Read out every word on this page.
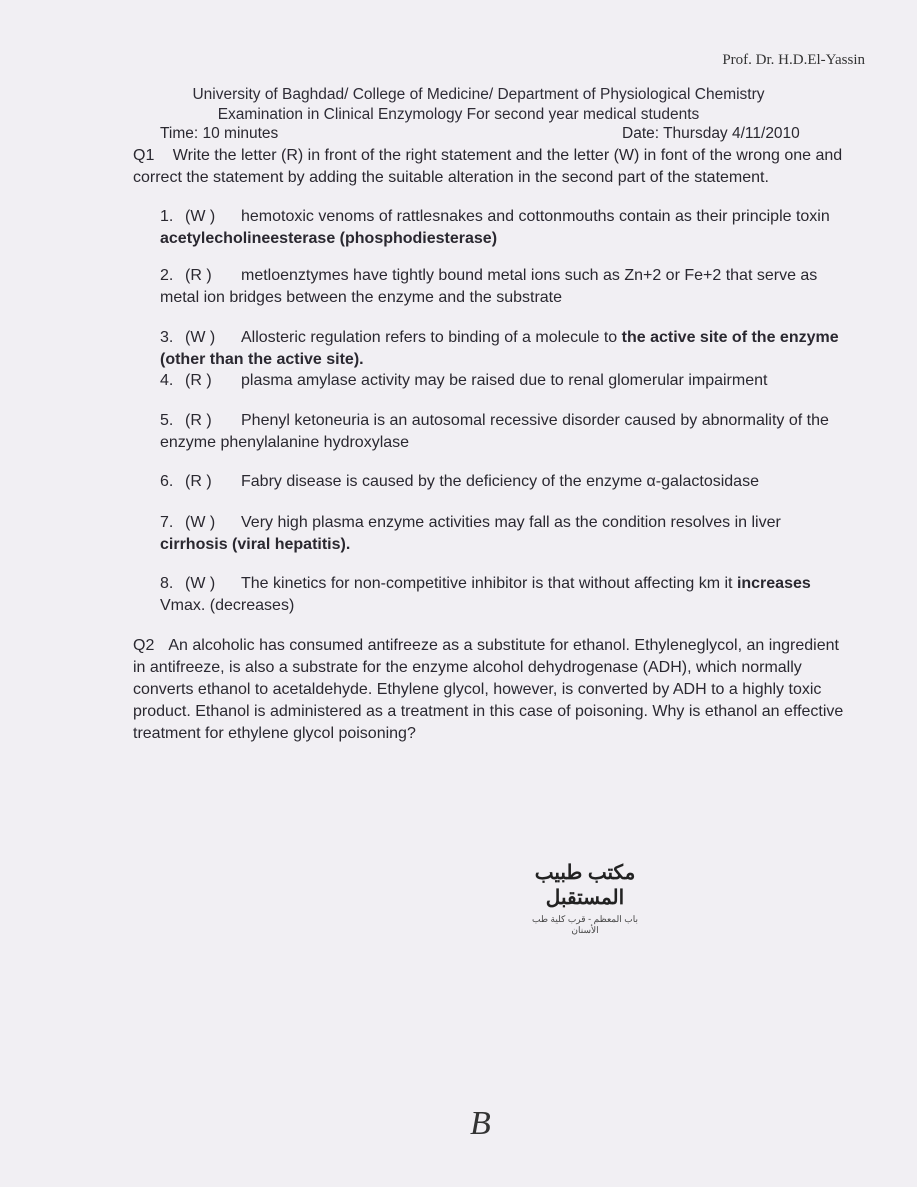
Prof. Dr. H.D.El-Yassin
University of Baghdad/ College of Medicine/ Department of Physiological Chemistry
Examination in Clinical Enzymology For second year medical students
Time: 10 minutes	Date: Thursday 4/11/2010
Q1 Write the letter (R) in front of the right statement and the letter (W) in font of the wrong one and correct the statement by adding the suitable alteration in the second part of the statement.
1. (W ) hemotoxic venoms of rattlesnakes and cottonmouths contain as their principle toxin acetylecholineesterase (phosphodiesterase)
2. (R ) metloenztymes have tightly bound metal ions such as Zn+2 or Fe+2 that serve as metal ion bridges between the enzyme and the substrate
3. (W ) Allosteric regulation refers to binding of a molecule to the active site of the enzyme (other than the active site).
4. (R ) plasma amylase activity may be raised due to renal glomerular impairment
5. (R ) Phenyl ketoneuria is an autosomal recessive disorder caused by abnormality of the enzyme phenylalanine hydroxylase
6. (R ) Fabry disease is caused by the deficiency of the enzyme α-galactosidase
7. (W ) Very high plasma enzyme activities may fall as the condition resolves in liver cirrhosis (viral hepatitis).
8. (W ) The kinetics for non-competitive inhibitor is that without affecting km it increases Vmax. (decreases)
Q2 An alcoholic has consumed antifreeze as a substitute for ethanol. Ethyleneglycol, an ingredient in antifreeze, is also a substrate for the enzyme alcohol dehydrogenase (ADH), which normally converts ethanol to acetaldehyde. Ethylene glycol, however, is converted by ADH to a highly toxic product. Ethanol is administered as a treatment in this case of poisoning. Why is ethanol an effective treatment for ethylene glycol poisoning?
مكتب طبيب المستقبل
باب المعظم - قرب كلية طب الأسنان
B
